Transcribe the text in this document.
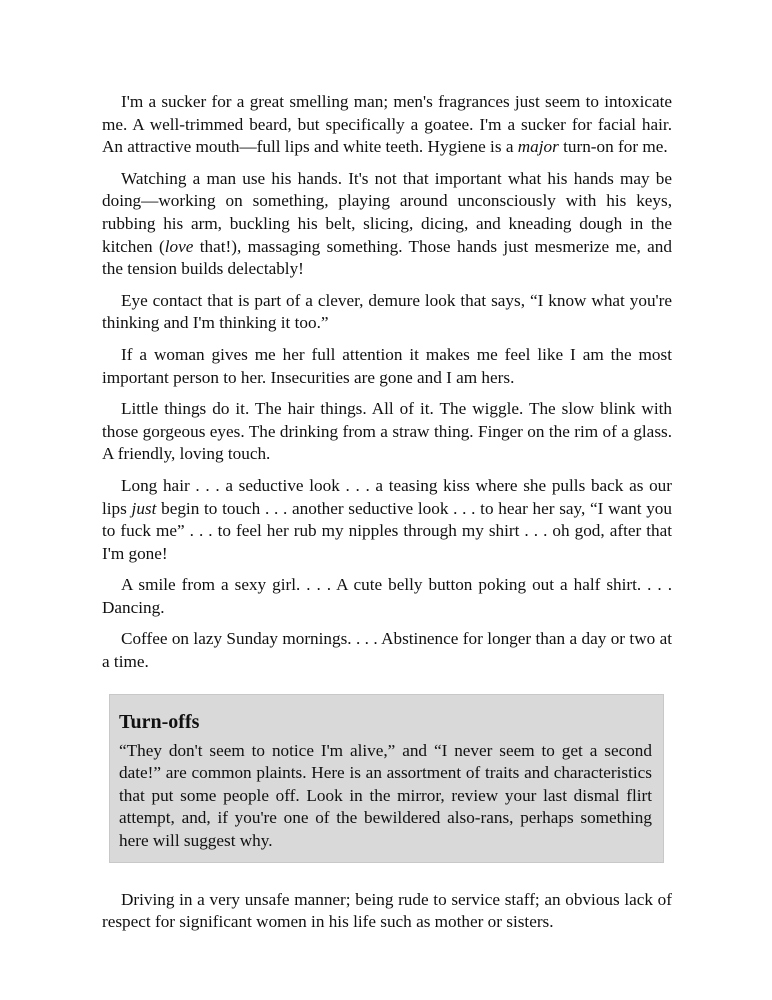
I'm a sucker for a great smelling man; men's fragrances just seem to intoxicate me. A well-trimmed beard, but specifically a goatee. I'm a sucker for facial hair. An attractive mouth—full lips and white teeth. Hygiene is a major turn-on for me.

Watching a man use his hands. It's not that important what his hands may be doing—working on something, playing around unconsciously with his keys, rubbing his arm, buckling his belt, slicing, dicing, and kneading dough in the kitchen (love that!), massaging something. Those hands just mesmerize me, and the tension builds delectably!

Eye contact that is part of a clever, demure look that says, “I know what you're thinking and I'm thinking it too.”

If a woman gives me her full attention it makes me feel like I am the most important person to her. Insecurities are gone and I am hers.

Little things do it. The hair things. All of it. The wiggle. The slow blink with those gorgeous eyes. The drinking from a straw thing. Finger on the rim of a glass. A friendly, loving touch.

Long hair . . . a seductive look . . . a teasing kiss where she pulls back as our lips just begin to touch . . . another seductive look . . . to hear her say, “I want you to fuck me” . . . to feel her rub my nipples through my shirt . . . oh god, after that I'm gone!

A smile from a sexy girl. . . . A cute belly button poking out a half shirt. . . . Dancing.

Coffee on lazy Sunday mornings. . . . Abstinence for longer than a day or two at a time.

Turn-offs

“They don't seem to notice I'm alive,” and “I never seem to get a second date!” are common plaints. Here is an assortment of traits and characteristics that put some people off. Look in the mirror, review your last dismal flirt attempt, and, if you're one of the bewildered also-rans, perhaps something here will suggest why.

Driving in a very unsafe manner; being rude to service staff; an obvious lack of respect for significant women in his life such as mother or sisters.
